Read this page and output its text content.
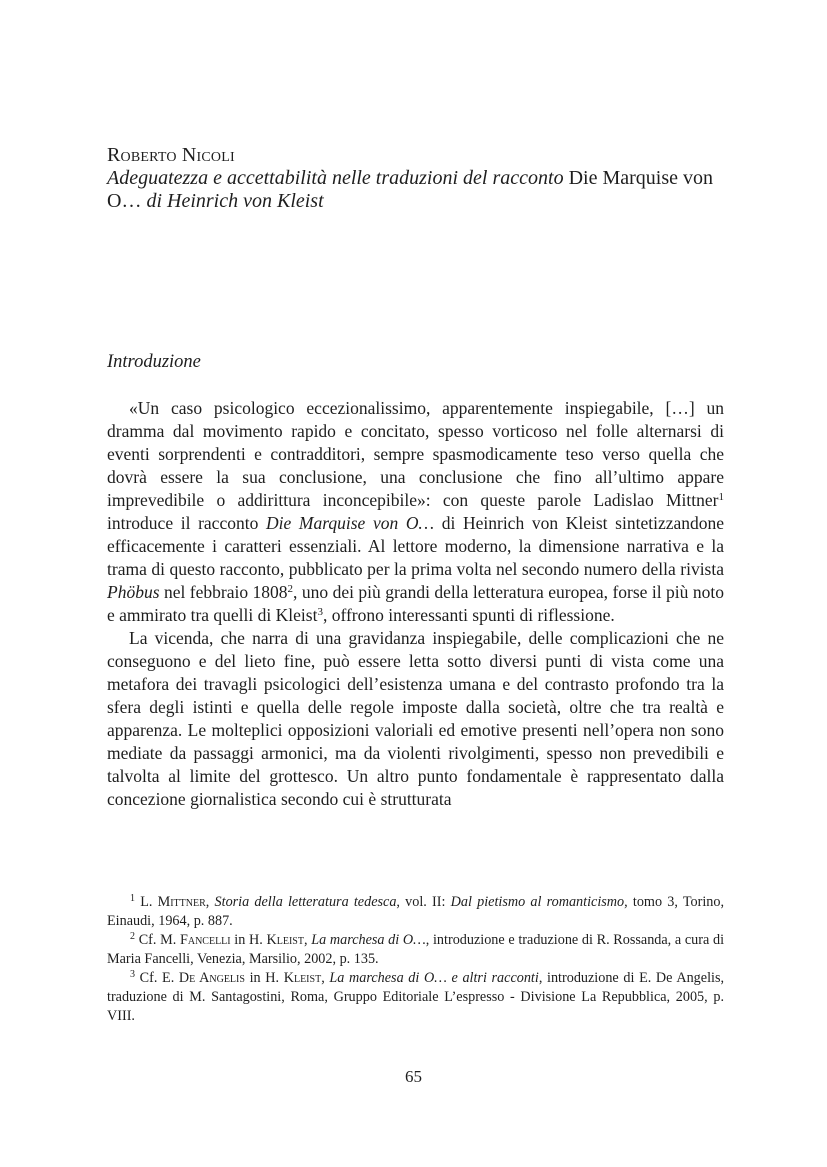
Roberto Nicoli
Adeguatezza e accettabilità nelle traduzioni del racconto Die Marquise von O… di Heinrich von Kleist
Introduzione

«Un caso psicologico eccezionalissimo, apparentemente inspiegabile, […] un dramma dal movimento rapido e concitato, spesso vorticoso nel folle alternarsi di eventi sorprendenti e contradditori, sempre spasmodicamente teso verso quella che dovrà essere la sua conclusione, una conclusione che fino all’ultimo appare imprevedibile o addirittura inconcepibile»: con queste parole Ladislao Mittner$^1$ introduce il racconto Die Marquise von O… di Heinrich von Kleist sintetizzandone efficacemente i caratteri essenziali. Al lettore moderno, la dimensione narrativa e la trama di questo racconto, pubblicato per la prima volta nel secondo numero della rivista Phöbus nel febbraio 1808$^2$, uno dei più grandi della letteratura europea, forse il più noto e ammirato tra quelli di Kleist$^3$, offrono interessanti spunti di riflessione.

La vicenda, che narra di una gravidanza inspiegabile, delle complicazioni che ne conseguono e del lieto fine, può essere letta sotto diversi punti di vista come una metafora dei travagli psicologici dell’esistenza umana e del contrasto profondo tra la sfera degli istinti e quella delle regole imposte dalla società, oltre che tra realtà e apparenza. Le molteplici opposizioni valoriali ed emotive presenti nell’opera non sono mediate da passaggi armonici, ma da violenti rivolgimenti, spesso non prevedibili e talvolta al limite del grottesco. Un altro punto fondamentale è rappresentato dalla concezione giornalistica secondo cui è strutturata

$^1$ L. Mittner, Storia della letteratura tedesca, vol. II: Dal pietismo al romanticismo, tomo 3, Torino, Einaudi, 1964, p. 887.

$^2$ Cf. M. Fancelli in H. Kleist, La marchesa di O…, introduzione e traduzione di R. Rossanda, a cura di Maria Fancelli, Venezia, Marsilio, 2002, p. 135.

$^3$ Cf. E. De Angelis in H. Kleist, La marchesa di O… e altri racconti, introduzione di E. De Angelis, traduzione di M. Santagostini, Roma, Gruppo Editoriale L’espresso - Divisione La Repubblica, 2005, p. VIII.

65
